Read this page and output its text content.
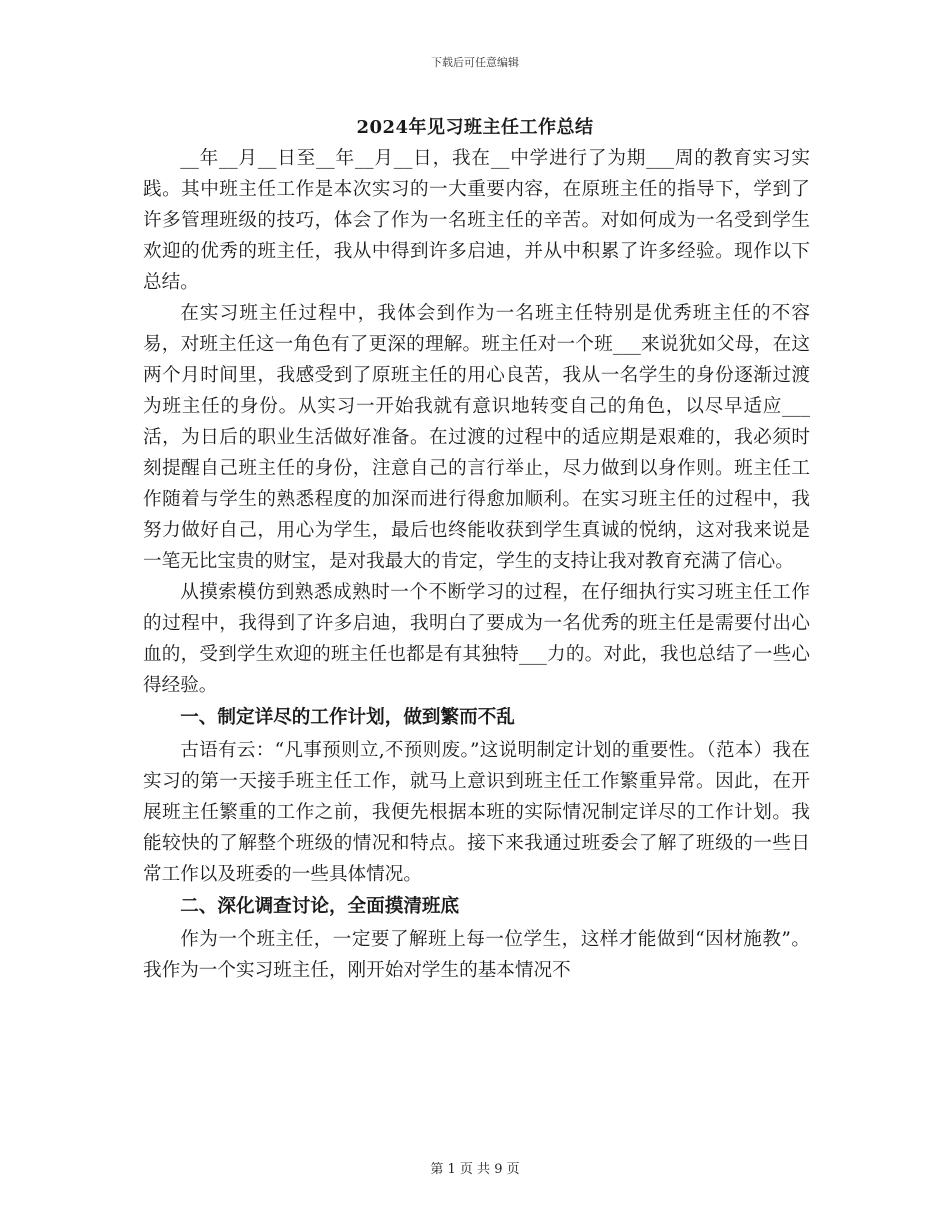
下载后可任意编辑
2024年见习班主任工作总结

__年__月__日至__年__月__日，我在__中学进行了为期___周的教育实习实践。其中班主任工作是本次实习的一大重要内容，在原班主任的指导下，学到了许多管理班级的技巧，体会了作为一名班主任的辛苦。对如何成为一名受到学生欢迎的优秀的班主任，我从中得到许多启迪，并从中积累了许多经验。现作以下总结。

在实习班主任过程中，我体会到作为一名班主任特别是优秀班主任的不容易，对班主任这一角色有了更深的理解。班主任对一个班___来说犹如父母，在这两个月时间里，我感受到了原班主任的用心良苦，我从一名学生的身份逐渐过渡为班主任的身份。从实习一开始我就有意识地转变自己的角色，以尽早适应___活，为日后的职业生活做好准备。在过渡的过程中的适应期是艰难的，我必须时刻提醒自己班主任的身份，注意自己的言行举止，尽力做到以身作则。班主任工作随着与学生的熟悉程度的加深而进行得愈加顺利。在实习班主任的过程中，我努力做好自己，用心为学生，最后也终能收获到学生真诚的悦纳，这对我来说是一笔无比宝贵的财宝，是对我最大的肯定，学生的支持让我对教育充满了信心。

从摸索模仿到熟悉成熟时一个不断学习的过程，在仔细执行实习班主任工作的过程中，我得到了许多启迪，我明白了要成为一名优秀的班主任是需要付出心血的，受到学生欢迎的班主任也都是有其独特___力的。对此，我也总结了一些心得经验。

一、制定详尽的工作计划，做到繁而不乱

古语有云：“凡事预则立,不预则废。”这说明制定计划的重要性。（范本）我在实习的第一天接手班主任工作，就马上意识到班主任工作繁重异常。因此，在开展班主任繁重的工作之前，我便先根据本班的实际情况制定详尽的工作计划。我能较快的了解整个班级的情况和特点。接下来我通过班委会了解了班级的一些日常工作以及班委的一些具体情况。

二、深化调查讨论，全面摸清班底

作为一个班主任，一定要了解班上每一位学生，这样才能做到“因材施教”。我作为一个实习班主任，刚开始对学生的基本情况不

第 1 页 共 9 页
